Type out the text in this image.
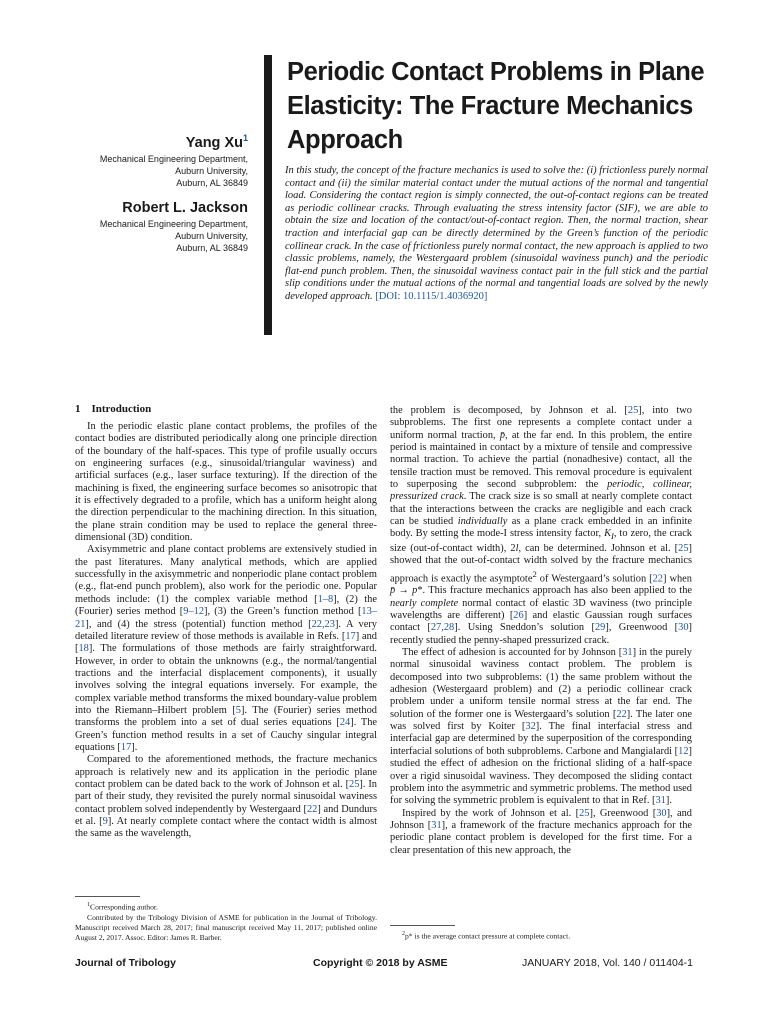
Yang Xu$^1$
Mechanical Engineering Department,
Auburn University,
Auburn, AL 36849
Robert L. Jackson
Mechanical Engineering Department,
Auburn University,
Auburn, AL 36849
Periodic Contact Problems in Plane Elasticity: The Fracture Mechanics Approach
In this study, the concept of the fracture mechanics is used to solve the: (i) frictionless purely normal contact and (ii) the similar material contact under the mutual actions of the normal and tangential load. Considering the contact region is simply connected, the out-of-contact regions can be treated as periodic collinear cracks. Through evaluating the stress intensity factor (SIF), we are able to obtain the size and location of the contact/out-of-contact region. Then, the normal traction, shear traction and interfacial gap can be directly determined by the Green’s function of the periodic collinear crack. In the case of frictionless purely normal contact, the new approach is applied to two classic problems, namely, the Westergaard problem (sinusoidal waviness punch) and the periodic flat-end punch problem. Then, the sinusoidal waviness contact pair in the full stick and the partial slip conditions under the mutual actions of the normal and tangential loads are solved by the newly developed approach. [DOI: 10.1115/1.4036920]
1 Introduction

In the periodic elastic plane contact problems, the profiles of the contact bodies are distributed periodically along one principle direction of the boundary of the half-spaces. This type of profile usually occurs on engineering surfaces (e.g., sinusoidal/triangular waviness) and artificial surfaces (e.g., laser surface texturing). If the direction of the machining is fixed, the engineering surface becomes so anisotropic that it is effectively degraded to a profile, which has a uniform height along the direction perpendicular to the machining direction. In this situation, the plane strain condition may be used to replace the general three-dimensional (3D) condition.

Axisymmetric and plane contact problems are extensively studied in the past literatures. Many analytical methods, which are applied successfully in the axisymmetric and nonperiodic plane contact problem (e.g., flat-end punch problem), also work for the periodic one. Popular methods include: (1) the complex variable method [1–8], (2) the (Fourier) series method [9–12], (3) the Green’s function method [13–21], and (4) the stress (potential) function method [22,23]. A very detailed literature review of those methods is available in Refs. [17] and [18]. The formulations of those methods are fairly straightforward. However, in order to obtain the unknowns (e.g., the normal/tangential tractions and the interfacial displacement components), it usually involves solving the integral equations inversely. For example, the complex variable method transforms the mixed boundary-value problem into the Riemann–Hilbert problem [5]. The (Fourier) series method transforms the problem into a set of dual series equations [24]. The Green’s function method results in a set of Cauchy singular integral equations [17].

Compared to the aforementioned methods, the fracture mechanics approach is relatively new and its application in the periodic plane contact problem can be dated back to the work of Johnson et al. [25]. In part of their study, they revisited the purely normal sinusoidal waviness contact problem solved independently by Westergaard [22] and Dundurs et al. [9]. At nearly complete contact where the contact width is almost the same as the wavelength,

the problem is decomposed, by Johnson et al. [25], into two subproblems. The first one represents a complete contact under a uniform normal traction, p̄, at the far end. In this problem, the entire period is maintained in contact by a mixture of tensile and compressive normal traction. To achieve the partial (nonadhesive) contact, all the tensile traction must be removed. This removal procedure is equivalent to superposing the second subproblem: the periodic, collinear, pressurized crack. The crack size is so small at nearly complete contact that the interactions between the cracks are negligible and each crack can be studied individually as a plane crack embedded in an infinite body. By setting the mode-I stress intensity factor, $K_I$, to zero, the crack size (out-of-contact width), 2l, can be determined. Johnson et al. [25] showed that the out-of-contact width solved by the fracture mechanics approach is exactly the asymptote$^2$ of Westergaard’s solution [22] when p̄ → p*. This fracture mechanics approach has also been applied to the nearly complete normal contact of elastic 3D waviness (two principle wavelengths are different) [26] and elastic Gaussian rough surfaces contact [27,28]. Using Sneddon’s solution [29], Greenwood [30] recently studied the penny-shaped pressurized crack.

The effect of adhesion is accounted for by Johnson [31] in the purely normal sinusoidal waviness contact problem. The problem is decomposed into two subproblems: (1) the same problem without the adhesion (Westergaard problem) and (2) a periodic collinear crack problem under a uniform tensile normal stress at the far end. The solution of the former one is Westergaard’s solution [22]. The later one was solved first by Koiter [32]. The final interfacial stress and interfacial gap are determined by the superposition of the corresponding interfacial solutions of both subproblems. Carbone and Mangialardi [12] studied the effect of adhesion on the frictional sliding of a half-space over a rigid sinusoidal waviness. They decomposed the sliding contact problem into the asymmetric and symmetric problems. The method used for solving the symmetric problem is equivalent to that in Ref. [31].

Inspired by the work of Johnson et al. [25], Greenwood [30], and Johnson [31], a framework of the fracture mechanics approach for the periodic plane contact problem is developed for the first time. For a clear presentation of this new approach, the

$^1$Corresponding author.
Contributed by the Tribology Division of ASME for publication in the Journal of Tribology. Manuscript received March 28, 2017; final manuscript received May 11, 2017; published online August 2, 2017. Assoc. Editor: James R. Barber.	$^2$p* is the average contact pressure at complete contact.
Journal of Tribology	Copyright © 2018 by ASME	JANUARY 2018, Vol. 140 / 011404-1
